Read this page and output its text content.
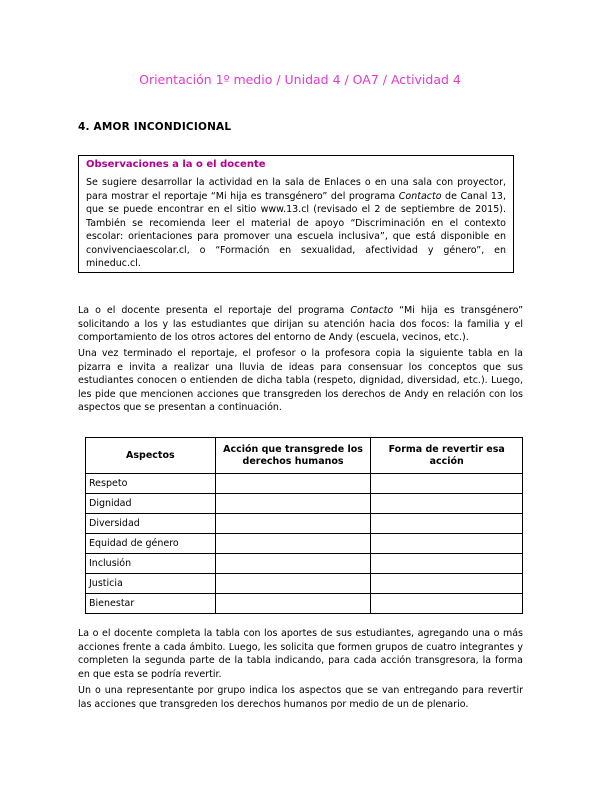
Orientación 1º medio / Unidad 4 / OA7 / Actividad 4
4. AMOR INCONDICIONAL
Observaciones a la o el docente
Se sugiere desarrollar la actividad en la sala de Enlaces o en una sala con proyector, para mostrar el reportaje “Mi hija es transgénero” del programa Contacto de Canal 13, que se puede encontrar en el sitio www.13.cl (revisado el 2 de septiembre de 2015). También se recomienda leer el material de apoyo “Discriminación en el contexto escolar: orientaciones para promover una escuela inclusiva”, que está disponible en convivenciaescolar.cl, o “Formación en sexualidad, afectividad y género”, en mineduc.cl.
La o el docente presenta el reportaje del programa Contacto “Mi hija es transgénero” solicitando a los y las estudiantes que dirijan su atención hacia dos focos: la familia y el comportamiento de los otros actores del entorno de Andy (escuela, vecinos, etc.).
Una vez terminado el reportaje, el profesor o la profesora copia la siguiente tabla en la pizarra e invita a realizar una lluvia de ideas para consensuar los conceptos que sus estudiantes conocen o entienden de dicha tabla (respeto, dignidad, diversidad, etc.). Luego, les pide que mencionen acciones que transgreden los derechos de Andy en relación con los aspectos que se presentan a continuación.
Aspectos	Acción que transgrede los derechos humanos	Forma de revertir esa acción
Respeto		
Dignidad		
Diversidad		
Equidad de género		
Inclusión		
Justicia		
Bienestar		
La o el docente completa la tabla con los aportes de sus estudiantes, agregando una o más acciones frente a cada ámbito. Luego, les solicita que formen grupos de cuatro integrantes y completen la segunda parte de la tabla indicando, para cada acción transgresora, la forma en que esta se podría revertir.
Un o una representante por grupo indica los aspectos que se van entregando para revertir las acciones que transgreden los derechos humanos por medio de un de plenario.
